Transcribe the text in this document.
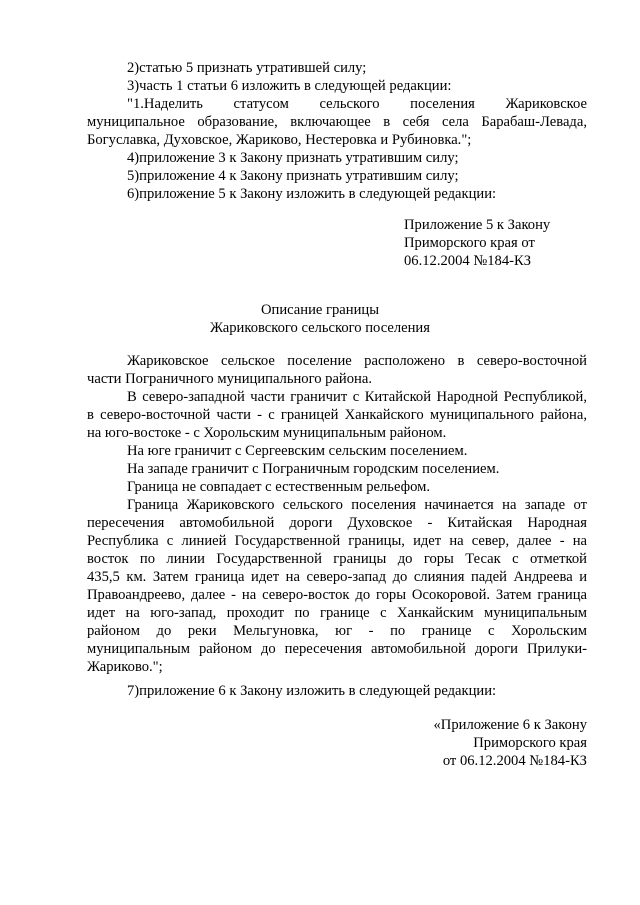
2)статью 5 признать утратившей силу;
3)часть 1 статьи 6 изложить в следующей редакции:
"1.Наделить статусом сельского поселения Жариковское
муниципальное образование, включающее в себя села Барабаш-Левада,
Богуславка, Духовское, Жариково, Нестеровка и Рубиновка.";
4)приложение 3 к Закону признать утратившим силу;
5)приложение 4 к Закону признать утратившим силу;
6)приложение 5 к Закону изложить в следующей редакции:
Приложение 5 к Закону
Приморского края от
06.12.2004 №184-КЗ
Описание границы
Жариковского сельского поселения
Жариковское сельское поселение расположено в северо-восточной
части Пограничного муниципального района.
В северо-западной части граничит с Китайской Народной Республикой,
в северо-восточной части - с границей Ханкайского муниципального района,
на юго-востоке - с Хорольским муниципальным районом.
На юге граничит с Сергеевским сельским поселением.
На западе граничит с Пограничным городским поселением.
Граница не совпадает с естественным рельефом.
Граница Жариковского сельского поселения начинается на западе от
пересечения автомобильной дороги Духовское - Китайская Народная
Республика с линией Государственной границы, идет на север, далее - на
восток по линии Государственной границы до горы Тесак с отметкой
435,5 км. Затем граница идет на северо-запад до слияния падей Андреева и
Правоандреево, далее - на северо-восток до горы Осокоровой. Затем граница
идет на юго-запад, проходит по границе с Ханкайским муниципальным
районом до реки Мельгуновка, юг - по границе с Хорольским
муниципальным районом до пересечения автомобильной дороги Прилуки-
Жариково.";
7)приложение 6 к Закону изложить в следующей редакции:
«Приложение 6 к Закону
Приморского края
от 06.12.2004 №184-КЗ
